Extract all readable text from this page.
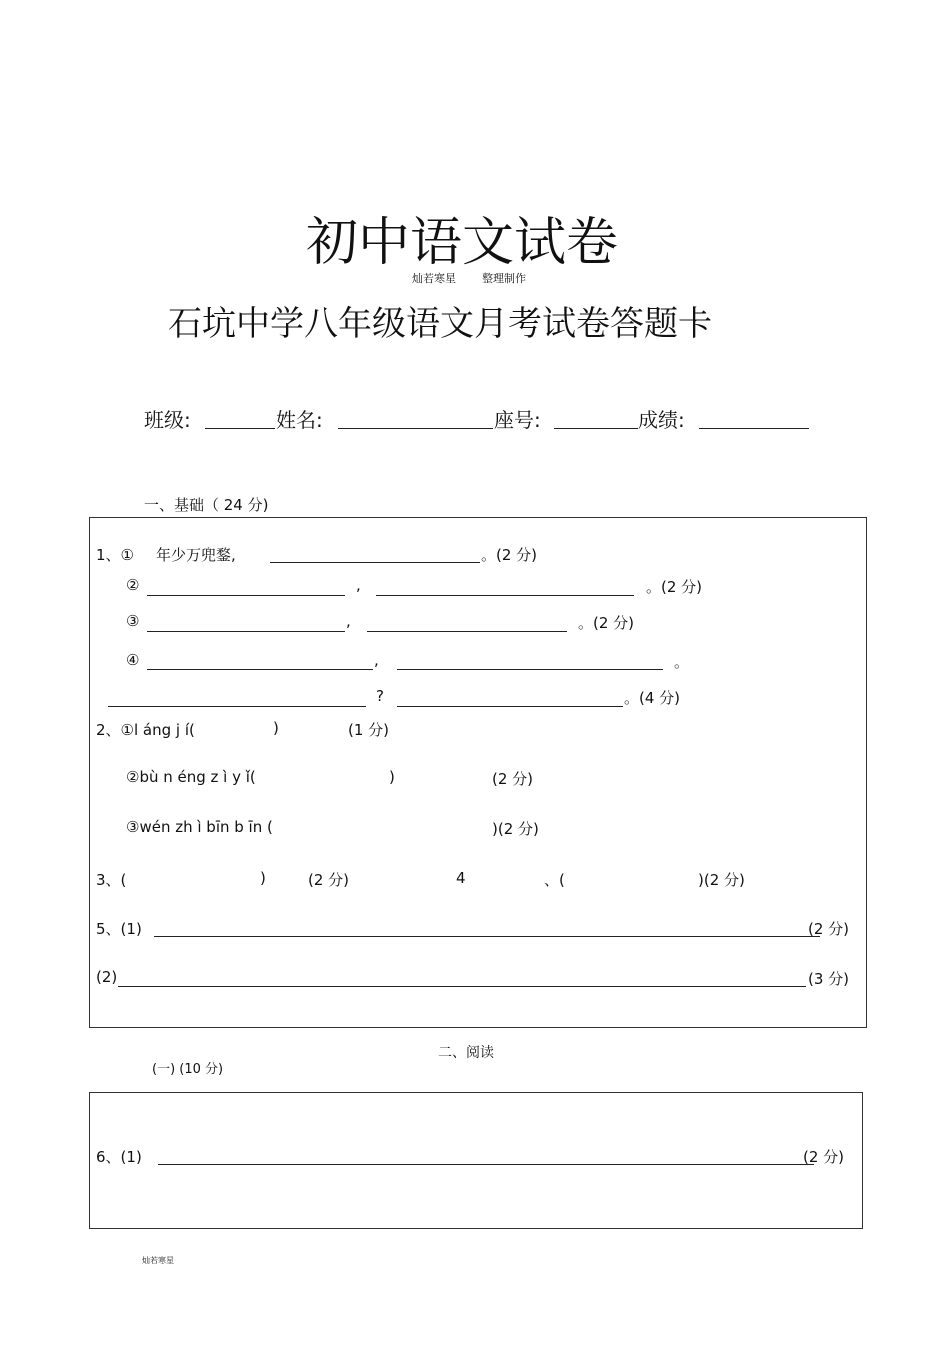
初中语文试卷
灿若寒星 整理制作
石坑中学八年级语文月考试卷答题卡
班级:	姓名:	座号:	成绩:
一、基础（ 24 分)
1、① 年少万兜鍪,	。(2 分)
②	,	。(2 分)
③	,	。(2 分)
④	,	。
?	。(4 分)
2、①l áng j í(	)	(1 分)
②bù n éng z ì y ǐ(	)	(2 分)
③wén zh ì bīn b īn (	)(2 分)
3、(	)	(2 分)	4	、(	)(2 分)
5、(1)	(2 分)
(2)	(3 分)
二、阅读
(一) (10 分)
6、(1)	(2 分)
灿若寒星
